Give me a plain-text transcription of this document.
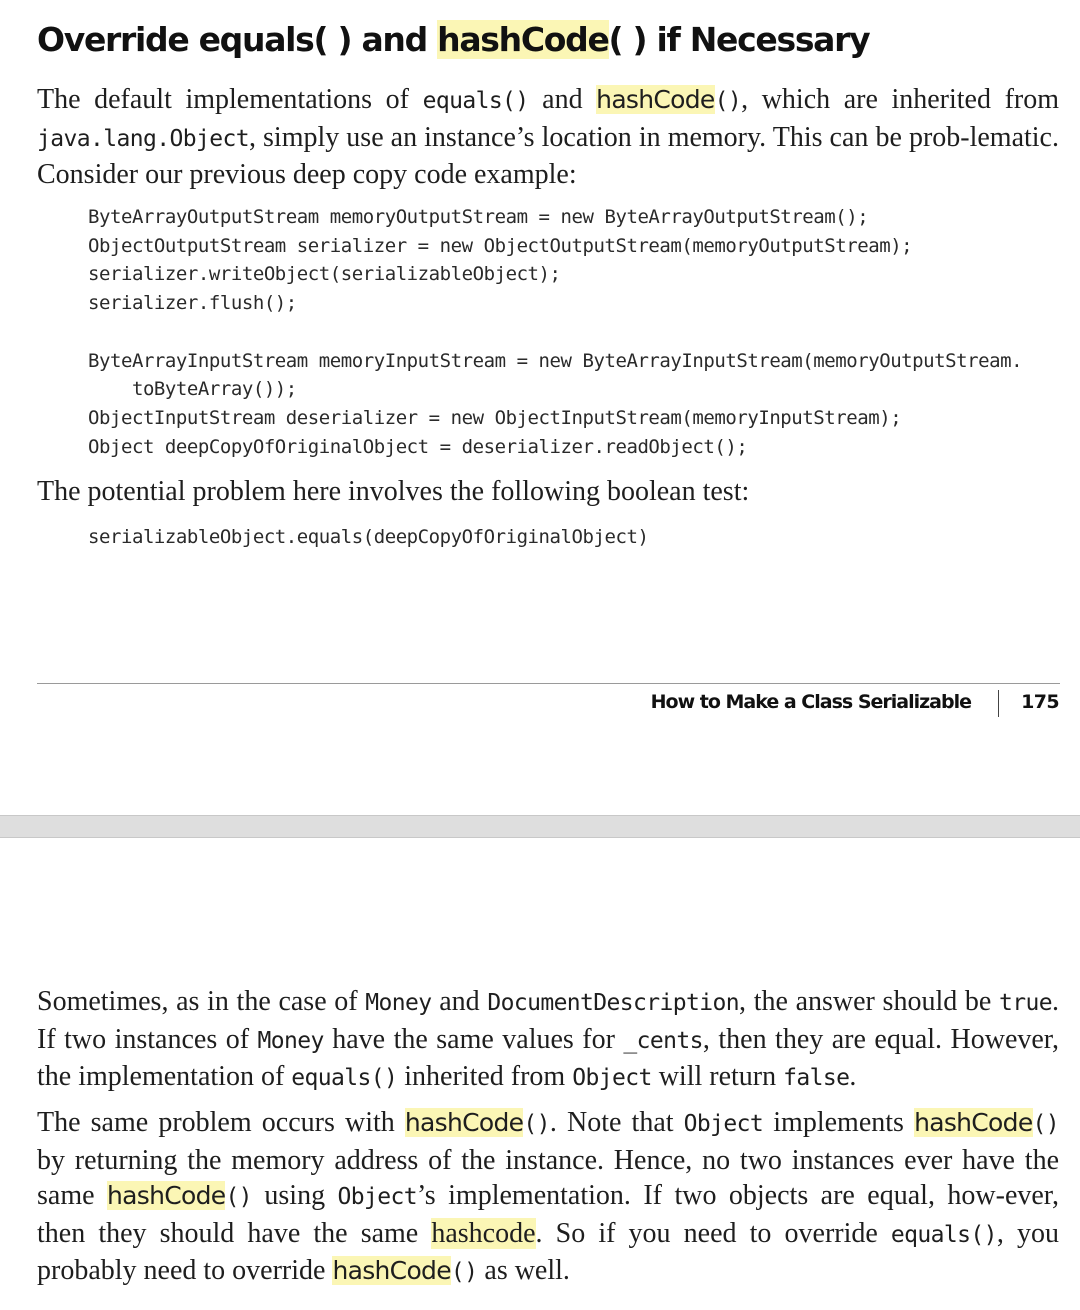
Override equals( ) and hashCode( ) if Necessary

The default implementations of equals() and hashCode(), which are inherited from java.lang.Object, simply use an instance’s location in memory. This can be prob-lematic. Consider our previous deep copy code example:

ByteArrayOutputStream memoryOutputStream = new ByteArrayOutputStream();
ObjectOutputStream serializer = new ObjectOutputStream(memoryOutputStream);
serializer.writeObject(serializableObject);
serializer.flush();

ByteArrayInputStream memoryInputStream = new ByteArrayInputStream(memoryOutputStream.
toByteArray());
ObjectInputStream deserializer = new ObjectInputStream(memoryInputStream);
Object deepCopyOfOriginalObject = deserializer.readObject();

The potential problem here involves the following boolean test:

serializableObject.equals(deepCopyOfOriginalObject)
How to Make a Class Serializable	175

Sometimes, as in the case of Money and DocumentDescription, the answer should be true. If two instances of Money have the same values for _cents, then they are equal. However, the implementation of equals() inherited from Object will return false.

The same problem occurs with hashCode(). Note that Object implements hashCode() by returning the memory address of the instance. Hence, no two instances ever have the same hashCode() using Object’s implementation. If two objects are equal, how-ever, then they should have the same hashcode. So if you need to override equals(), you probably need to override hashCode() as well.
